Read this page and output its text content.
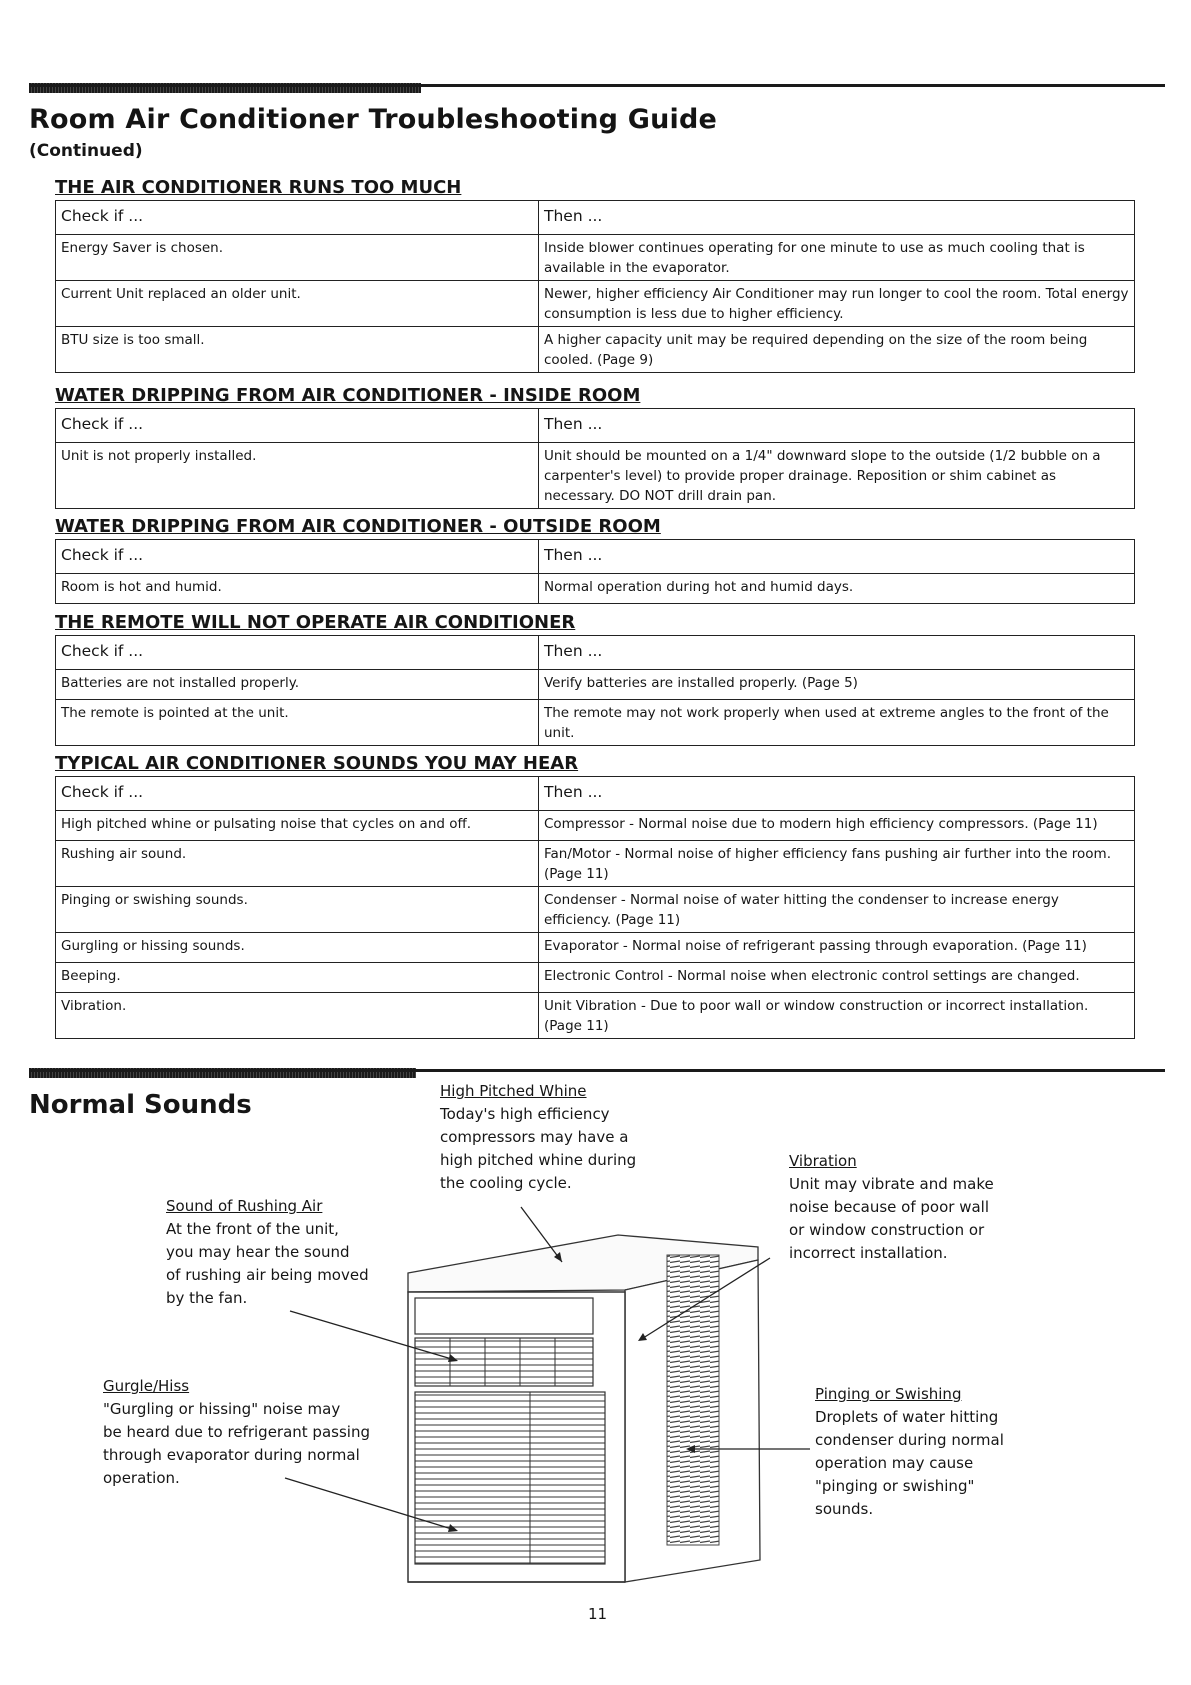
Room Air Conditioner Troubleshooting Guide
(Continued)
THE AIR CONDITIONER RUNS TOO MUCH
Check if ...	Then ...
Energy Saver is chosen.	Inside blower continues operating for one minute to use as much cooling that is available in the evaporator.
Current Unit replaced an older unit.	Newer, higher efficiency Air Conditioner may run longer to cool the room. Total energy consumption is less due to higher efficiency.
BTU size is too small.	A higher capacity unit may be required depending on the size of the room being cooled. (Page 9)
WATER DRIPPING FROM AIR CONDITIONER - INSIDE ROOM
Check if ...	Then ...
Unit is not properly installed.	Unit should be mounted on a 1/4" downward slope to the outside (1/2 bubble on a carpenter's level) to provide proper drainage. Reposition or shim cabinet as necessary. DO NOT drill drain pan.
WATER DRIPPING FROM AIR CONDITIONER - OUTSIDE ROOM
Check if ...	Then ...
Room is hot and humid.	Normal operation during hot and humid days.
THE REMOTE WILL NOT OPERATE AIR CONDITIONER
Check if ...	Then ...
Batteries are not installed properly.	Verify batteries are installed properly. (Page 5)
The remote is pointed at the unit.	The remote may not work properly when used at extreme angles to the front of the unit.
TYPICAL AIR CONDITIONER SOUNDS YOU MAY HEAR
Check if ...	Then ...
High pitched whine or pulsating noise that cycles on and off.	Compressor - Normal noise due to modern high efficiency compressors. (Page 11)
Rushing air sound.	Fan/Motor - Normal noise of higher efficiency fans pushing air further into the room. (Page 11)
Pinging or swishing sounds.	Condenser - Normal noise of water hitting the condenser to increase energy efficiency. (Page 11)
Gurgling or hissing sounds.	Evaporator - Normal noise of refrigerant passing through evaporation. (Page 11)
Beeping.	Electronic Control - Normal noise when electronic control settings are changed.
Vibration.	Unit Vibration - Due to poor wall or window construction or incorrect installation. (Page 11)
Normal Sounds	High Pitched Whine
Today's high efficiency
compressors may have a
high pitched whine during
the cooling cycle.
Sound of Rushing Air
At the front of the unit,
you may hear the sound
of rushing air being moved
by the fan.
Vibration
Unit may vibrate and make
noise because of poor wall
or window construction or
incorrect installation.
Gurgle/Hiss
"Gurgling or hissing" noise may
be heard due to refrigerant passing
through evaporator during normal
operation.
Pinging or Swishing
Droplets of water hitting
condenser during normal
operation may cause
"pinging or swishing"
sounds.
11
